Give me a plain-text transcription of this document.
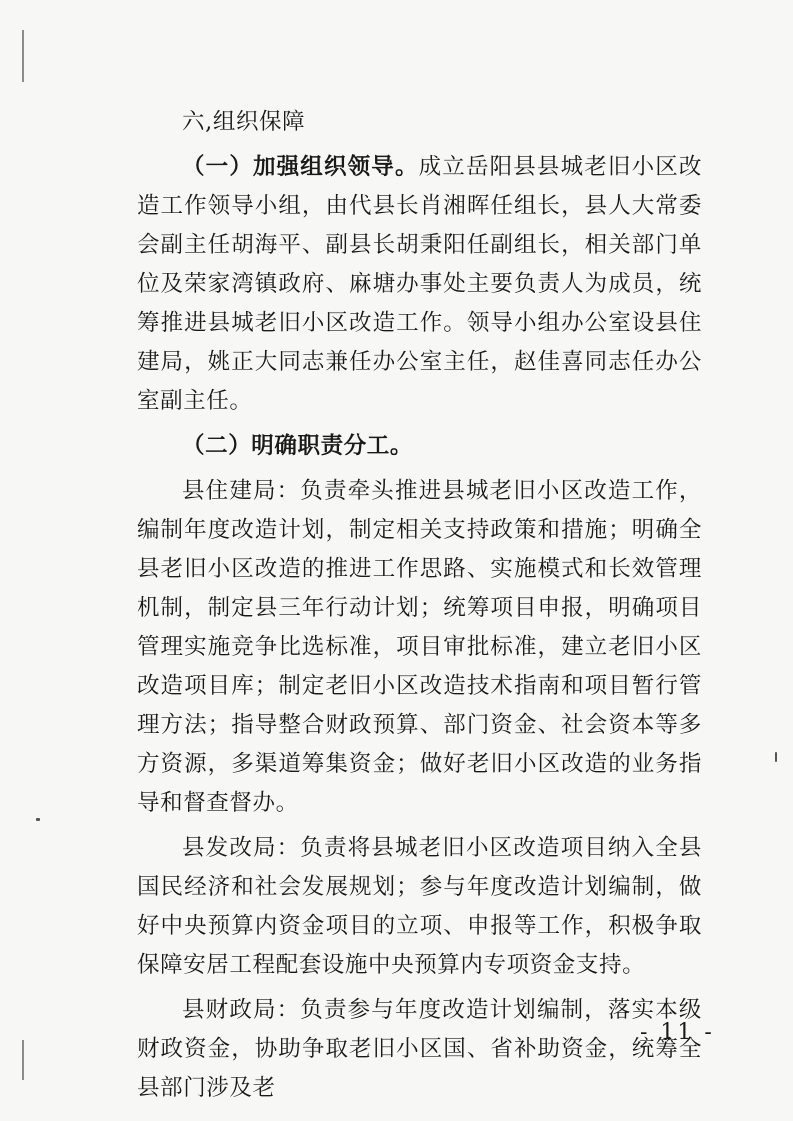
六,组织保障

（一）加强组织领导。成立岳阳县县城老旧小区改造工作领导小组，由代县长肖湘晖任组长，县人大常委会副主任胡海平、副县长胡秉阳任副组长，相关部门单位及荣家湾镇政府、麻塘办事处主要负责人为成员，统筹推进县城老旧小区改造工作。领导小组办公室设县住建局，姚正大同志兼任办公室主任，赵佳喜同志任办公室副主任。

（二）明确职责分工。

县住建局：负责牵头推进县城老旧小区改造工作，编制年度改造计划，制定相关支持政策和措施；明确全县老旧小区改造的推进工作思路、实施模式和长效管理机制，制定县三年行动计划；统筹项目申报，明确项目管理实施竞争比选标准，项目审批标准，建立老旧小区改造项目库；制定老旧小区改造技术指南和项目暂行管理方法；指导整合财政预算、部门资金、社会资本等多方资源，多渠道筹集资金；做好老旧小区改造的业务指导和督查督办。

县发改局：负责将县城老旧小区改造项目纳入全县国民经济和社会发展规划；参与年度改造计划编制，做好中央预算内资金项目的立项、申报等工作，积极争取保障安居工程配套设施中央预算内专项资金支持。

县财政局：负责参与年度改造计划编制，落实本级财政资金，协助争取老旧小区国、省补助资金，统筹全县部门涉及老

- 11 -
